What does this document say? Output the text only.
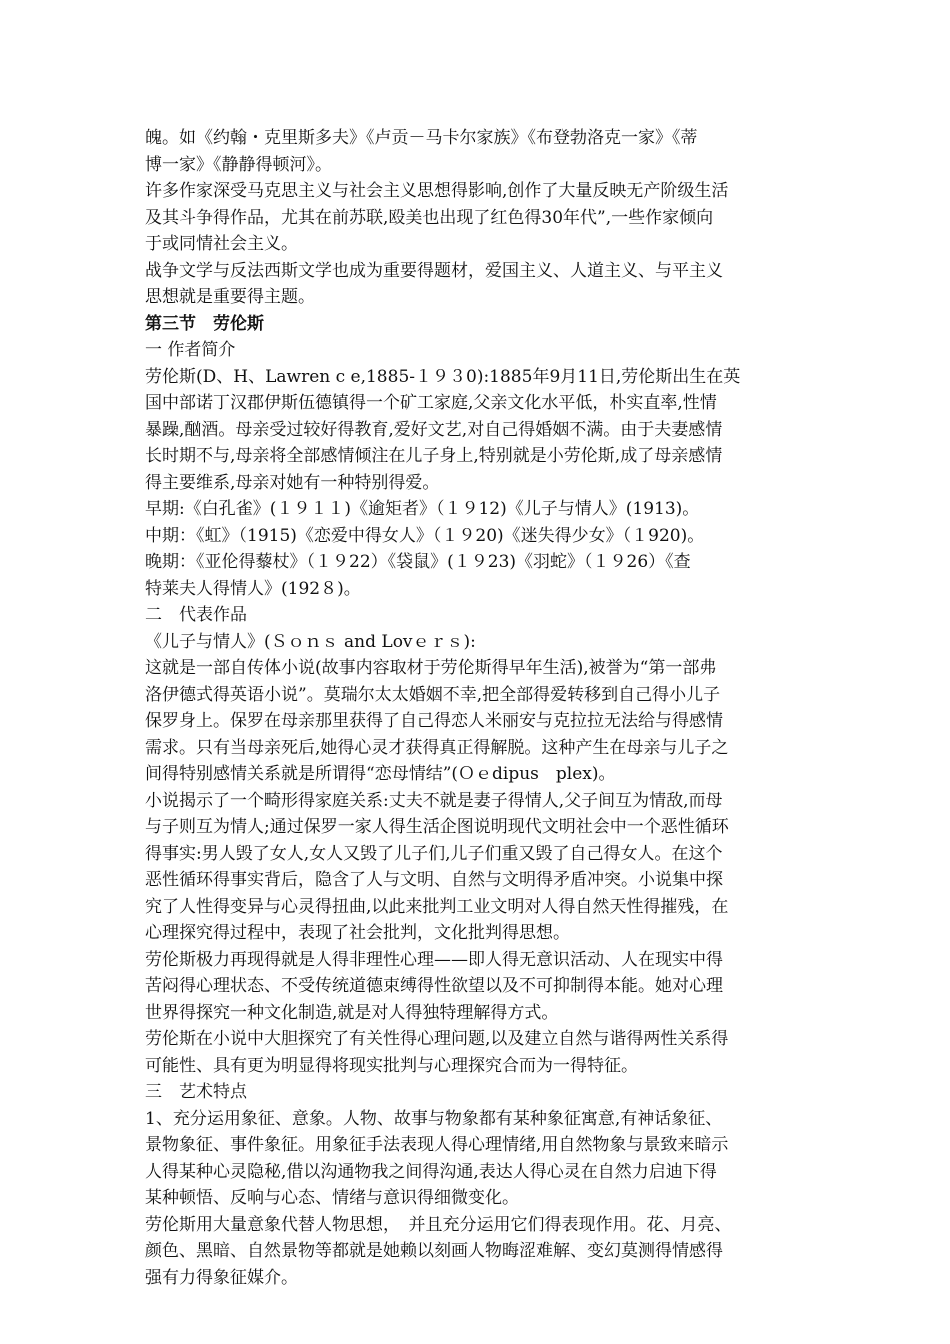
魄。如《约翰・克里斯多夫》《卢贡－马卡尔家族》《布登勃洛克一家》《蒂
博一家》《静静得顿河》。
许多作家深受马克思主义与社会主义思想得影响,创作了大量反映无产阶级生活
及其斗争得作品，尤其在前苏联,殴美也出现了红色得30年代”,一些作家倾向
于或同情社会主义。
战争文学与反法西斯文学也成为重要得题材，爱国主义、人道主义、与平主义
思想就是重要得主题。
第三节　劳伦斯
一 作者简介
劳伦斯(D、H、Lawren c e,1885-１９３0):1885年9月11日,劳伦斯出生在英
国中部诺丁汉郡伊斯伍德镇得一个矿工家庭,父亲文化水平低，朴实直率,性情
暴躁,酗酒。母亲受过较好得教育,爱好文艺,对自己得婚姻不满。由于夫妻感情
长时期不与,母亲将全部感情倾注在儿子身上,特别就是小劳伦斯,成了母亲感情
得主要维系,母亲对她有一种特别得爱。
早期:《白孔雀》(１９１１)《逾矩者》（１９12)《儿子与情人》(1913)。
中期：《虹》（1915)《恋爱中得女人》（１９20)《迷失得少女》（１920)。
晚期：《亚伦得藜杖》（１９22）《袋鼠》(１９23)《羽蛇》（１９26）《查
特莱夫人得情人》(192８)。
二　代表作品
《儿子与情人》(Ｓｏｎｓ and Lovｅｒｓ):
这就是一部自传体小说(故事内容取材于劳伦斯得早年生活),被誉为“第一部弗
洛伊德式得英语小说”。莫瑞尔太太婚姻不幸,把全部得爱转移到自己得小儿子
保罗身上。保罗在母亲那里获得了自己得恋人米丽安与克拉拉无法给与得感情
需求。只有当母亲死后,她得心灵才获得真正得解脱。这种产生在母亲与儿子之
间得特别感情关系就是所谓得“恋母情结”(Ｏｅdipus　plex)。
小说揭示了一个畸形得家庭关系:丈夫不就是妻子得情人,父子间互为情敌,而母
与子则互为情人;通过保罗一家人得生活企图说明现代文明社会中一个恶性循环
得事实:男人毁了女人,女人又毁了儿子们,儿子们重又毁了自己得女人。在这个
恶性循环得事实背后，隐含了人与文明、自然与文明得矛盾冲突。小说集中探
究了人性得变异与心灵得扭曲,以此来批判工业文明对人得自然天性得摧残，在
心理探究得过程中，表现了社会批判，文化批判得思想。
劳伦斯极力再现得就是人得非理性心理——即人得无意识活动、人在现实中得
苦闷得心理状态、不受传统道德束缚得性欲望以及不可抑制得本能。她对心理
世界得探究一种文化制造,就是对人得独特理解得方式。
劳伦斯在小说中大胆探究了有关性得心理问题,以及建立自然与谐得两性关系得
可能性、具有更为明显得将现实批判与心理探究合而为一得特征。
三　艺术特点
1、充分运用象征、意象。人物、故事与物象都有某种象征寓意,有神话象征、
景物象征、事件象征。用象征手法表现人得心理情绪,用自然物象与景致来暗示
人得某种心灵隐秘,借以沟通物我之间得沟通,表达人得心灵在自然力启迪下得
某种顿悟、反响与心态、情绪与意识得细微变化。
劳伦斯用大量意象代替人物思想，　并且充分运用它们得表现作用。花、月亮、
颜色、黑暗、自然景物等都就是她赖以刻画人物晦涩难解、变幻莫测得情感得
强有力得象征媒介。
